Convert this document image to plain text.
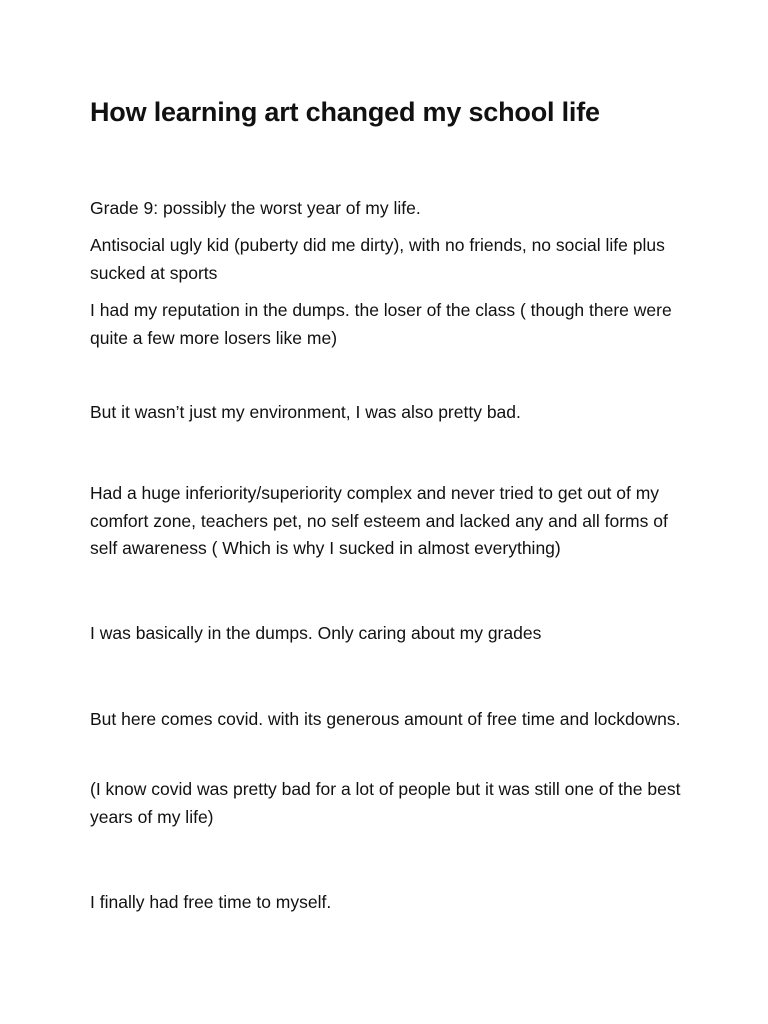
How learning art changed my school life

Grade 9: possibly the worst year of my life.

Antisocial ugly kid (puberty did me dirty), with no friends, no social life plus sucked at sports

I had my reputation in the dumps. the loser of the class ( though there were quite a few more losers like me)

But it wasn’t just my environment, I was also pretty bad.

Had a huge inferiority/superiority complex and never tried to get out of my comfort zone, teachers pet, no self esteem and lacked any and all forms of self awareness ( Which is why I sucked in almost everything)

I was basically in the dumps. Only caring about my grades

But here comes covid. with its generous amount of free time and lockdowns.

(I know covid was pretty bad for a lot of people but it was still one of the best years of my life)

I finally had free time to myself.
